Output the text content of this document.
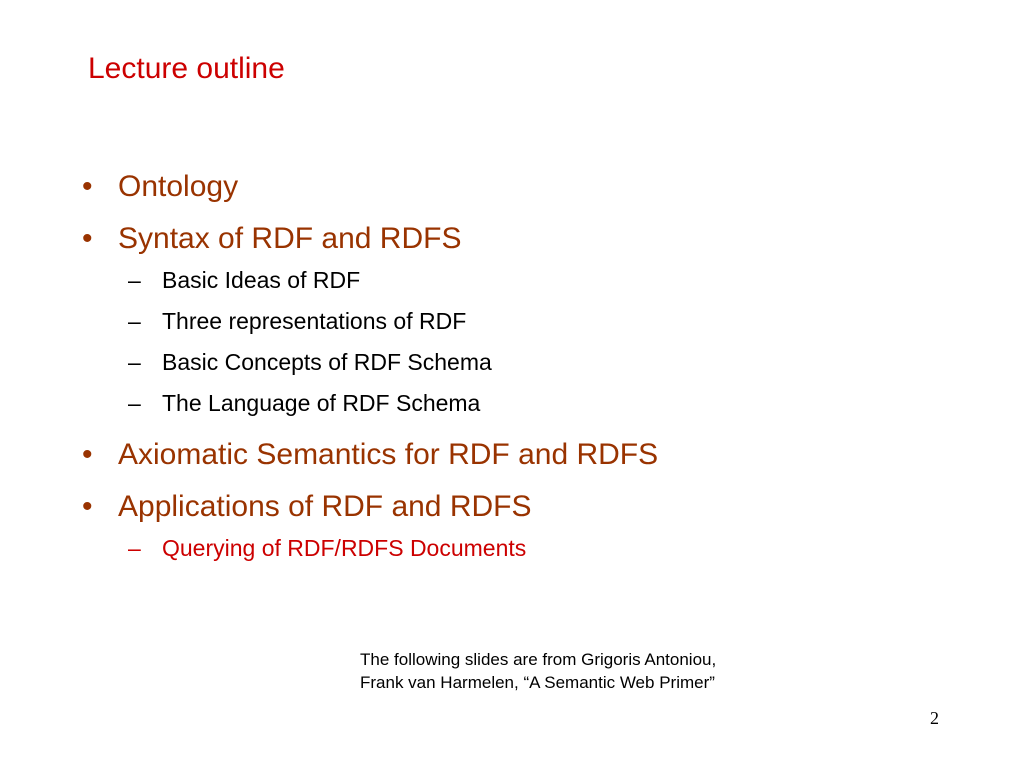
Lecture outline
• Ontology
• Syntax of RDF and RDFS
– Basic Ideas of RDF
– Three representations of RDF
– Basic Concepts of RDF Schema
– The Language of RDF Schema
• Axiomatic Semantics for RDF and RDFS
• Applications of RDF and RDFS
– Querying of RDF/RDFS Documents
The following slides are from Grigoris Antoniou,
Frank van Harmelen, “A Semantic Web Primer”
2
